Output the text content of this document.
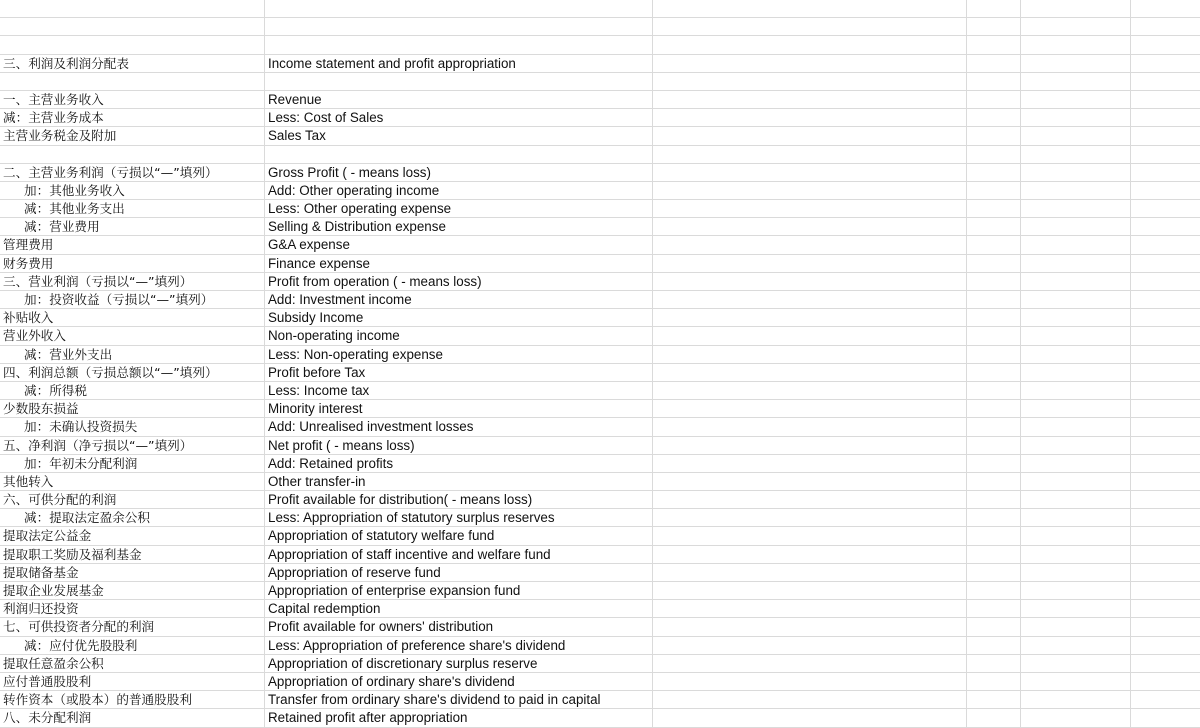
三、利润及利润分配表	Income statement and profit appropriation
一、主营业务收入	Revenue
减：主营业务成本	Less: Cost of Sales
主营业务税金及附加	Sales Tax
二、主营业务利润（亏损以“—”填列）	Gross Profit ( - means loss)
加：其他业务收入	Add: Other operating income
减：其他业务支出	Less: Other operating expense
减：营业费用	Selling & Distribution expense
管理费用	G&A expense
财务费用	Finance expense
三、营业利润（亏损以“—”填列）	Profit from operation ( - means loss)
加：投资收益（亏损以“—”填列）	Add: Investment income
补贴收入	Subsidy Income
营业外收入	Non-operating income
减：营业外支出	Less: Non-operating expense
四、利润总额（亏损总额以“—”填列）	Profit before Tax
减：所得税	Less: Income tax
少数股东损益	Minority interest
加：未确认投资损失	Add: Unrealised investment losses
五、净利润（净亏损以“—”填列）	Net profit ( - means loss)
加：年初未分配利润	Add: Retained profits
其他转入	Other transfer-in
六、可供分配的利润	Profit available for distribution( - means loss)
减：提取法定盈余公积	Less: Appropriation of statutory surplus reserves
提取法定公益金	Appropriation of statutory welfare fund
提取职工奖励及福利基金	Appropriation of staff incentive and welfare fund
提取储备基金	Appropriation of reserve fund
提取企业发展基金	Appropriation of enterprise expansion fund
利润归还投资	Capital redemption
七、可供投资者分配的利润	Profit available for owners' distribution
减：应付优先股股利	Less: Appropriation of preference share's dividend
提取任意盈余公积	Appropriation of discretionary surplus reserve
应付普通股股利	Appropriation of ordinary share's dividend
转作资本（或股本）的普通股股利	Transfer from ordinary share's dividend to paid in capital
八、未分配利润	Retained profit after appropriation
